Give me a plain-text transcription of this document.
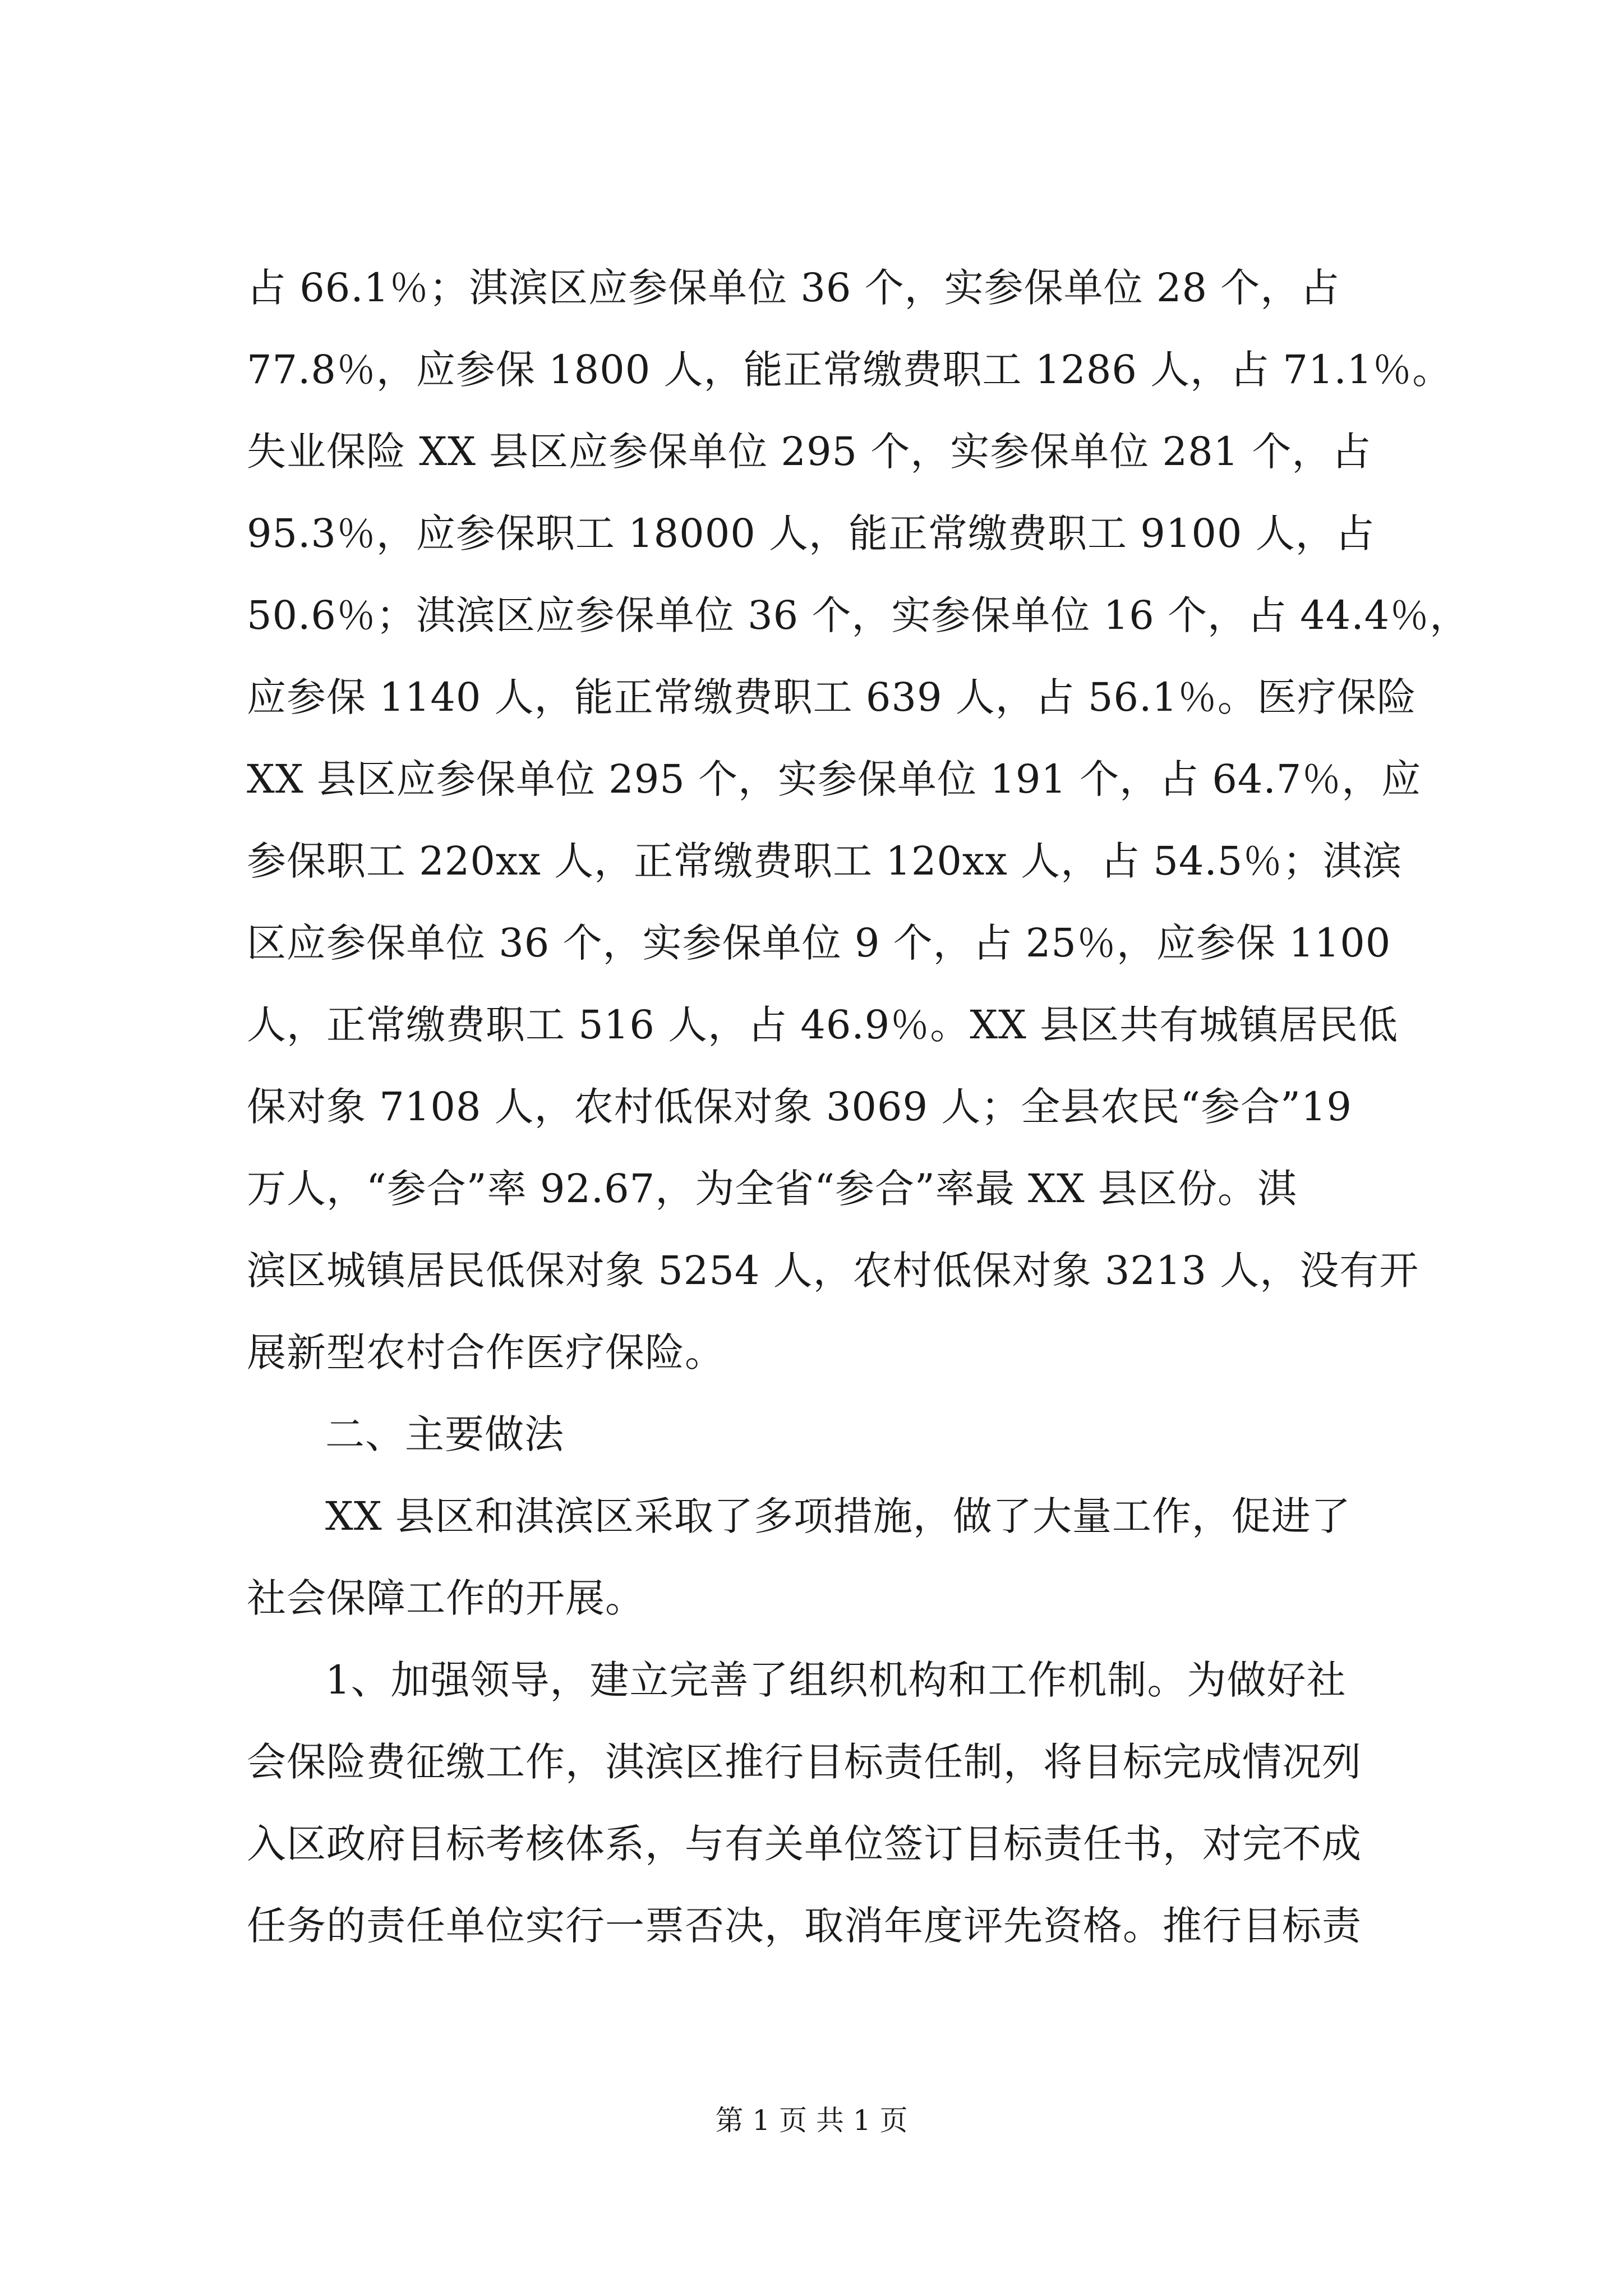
占 66.1％；淇滨区应参保单位 36 个，实参保单位 28 个，占
77.8％，应参保 1800 人，能正常缴费职工 1286 人，占 71.1％。
失业保险 XX 县区应参保单位 295 个，实参保单位 281 个，占
95.3％，应参保职工 18000 人，能正常缴费职工 9100 人，占
50.6％；淇滨区应参保单位 36 个，实参保单位 16 个，占 44.4％，
应参保 1140 人，能正常缴费职工 639 人，占 56.1％。医疗保险
XX 县区应参保单位 295 个，实参保单位 191 个，占 64.7％，应
参保职工 220xx 人，正常缴费职工 120xx 人，占 54.5％；淇滨
区应参保单位 36 个，实参保单位 9 个，占 25％，应参保 1100
人，正常缴费职工 516 人，占 46.9％。XX 县区共有城镇居民低
保对象 7108 人，农村低保对象 3069 人；全县农民“参合”19
万人，“参合”率 92.67，为全省“参合”率最 XX 县区份。淇
滨区城镇居民低保对象 5254 人，农村低保对象 3213 人，没有开
展新型农村合作医疗保险。
二、主要做法
XX 县区和淇滨区采取了多项措施，做了大量工作，促进了
社会保障工作的开展。
1、加强领导，建立完善了组织机构和工作机制。为做好社
会保险费征缴工作，淇滨区推行目标责任制，将目标完成情况列
入区政府目标考核体系，与有关单位签订目标责任书，对完不成
任务的责任单位实行一票否决，取消年度评先资格。推行目标责
第 1 页 共 1 页
